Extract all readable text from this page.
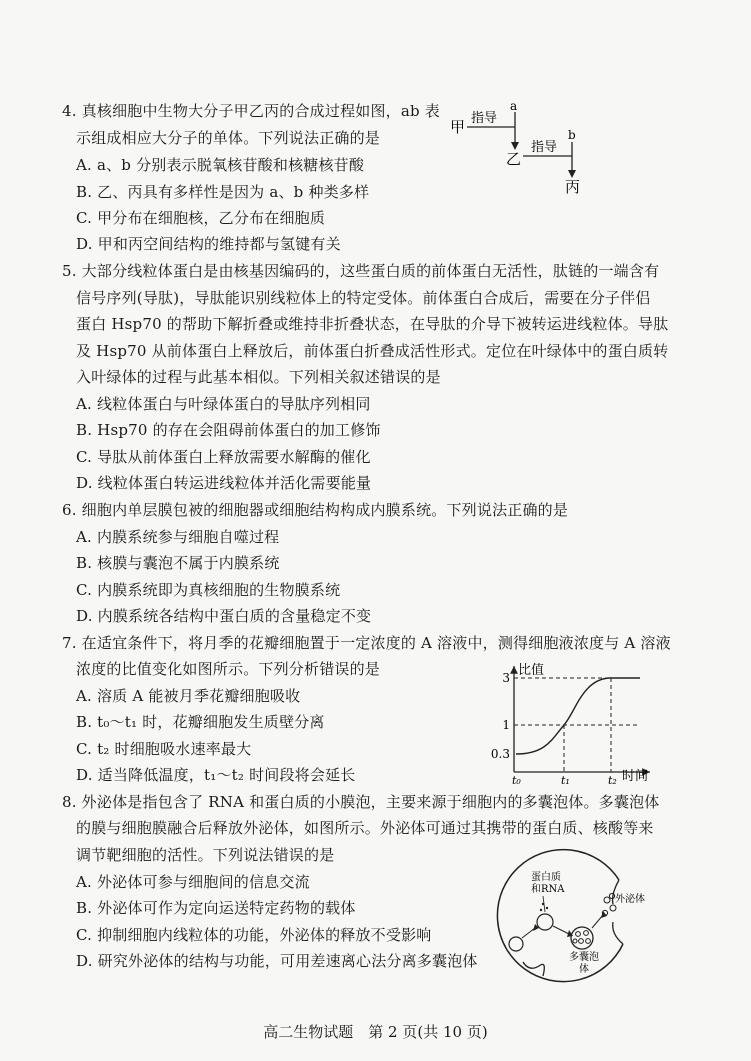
4. 真核细胞中生物大分子甲乙丙的合成过程如图，ab 表
示组成相应大分子的单体。下列说法正确的是
A. a、b 分别表示脱氧核苷酸和核糖核苷酸
B. 乙、丙具有多样性是因为 a、b 种类多样
C. 甲分布在细胞核，乙分布在细胞质
D. 甲和丙空间结构的维持都与氢键有关
甲 指导
a
乙
指导
b
丙
5. 大部分线粒体蛋白是由核基因编码的，这些蛋白质的前体蛋白无活性，肽链的一端含有
信号序列(导肽)，导肽能识别线粒体上的特定受体。前体蛋白合成后，需要在分子伴侣
蛋白 Hsp70 的帮助下解折叠或维持非折叠状态，在导肽的介导下被转运进线粒体。导肽
及 Hsp70 从前体蛋白上释放后，前体蛋白折叠成活性形式。定位在叶绿体中的蛋白质转
入叶绿体的过程与此基本相似。下列相关叙述错误的是
A. 线粒体蛋白与叶绿体蛋白的导肽序列相同
B. Hsp70 的存在会阻碍前体蛋白的加工修饰
C. 导肽从前体蛋白上释放需要水解酶的催化
D. 线粒体蛋白转运进线粒体并活化需要能量
6. 细胞内单层膜包被的细胞器或细胞结构构成内膜系统。下列说法正确的是
A. 内膜系统参与细胞自噬过程
B. 核膜与囊泡不属于内膜系统
C. 内膜系统即为真核细胞的生物膜系统
D. 内膜系统各结构中蛋白质的含量稳定不变
7. 在适宜条件下，将月季的花瓣细胞置于一定浓度的 A 溶液中，测得细胞液浓度与 A 溶液
浓度的比值变化如图所示。下列分析错误的是
A. 溶质 A 能被月季花瓣细胞吸收
B. t₀～t₁ 时，花瓣细胞发生质壁分离
C. t₂ 时细胞吸水速率最大
D. 适当降低温度，t₁～t₂ 时间段将会延长
比值
时间
3
1
0.3
t₀	t₁	t₂
8. 外泌体是指包含了 RNA 和蛋白质的小膜泡，主要来源于细胞内的多囊泡体。多囊泡体
的膜与细胞膜融合后释放外泌体，如图所示。外泌体可通过其携带的蛋白质、核酸等来
调节靶细胞的活性。下列说法错误的是
A. 外泌体可参与细胞间的信息交流
B. 外泌体可作为定向运送特定药物的载体
C. 抑制细胞内线粒体的功能，外泌体的释放不受影响
D. 研究外泌体的结构与功能，可用差速离心法分离多囊泡体
蛋白质
和RNA
外泌体
多囊泡
体
高二生物试题　第 2 页(共 10 页)
